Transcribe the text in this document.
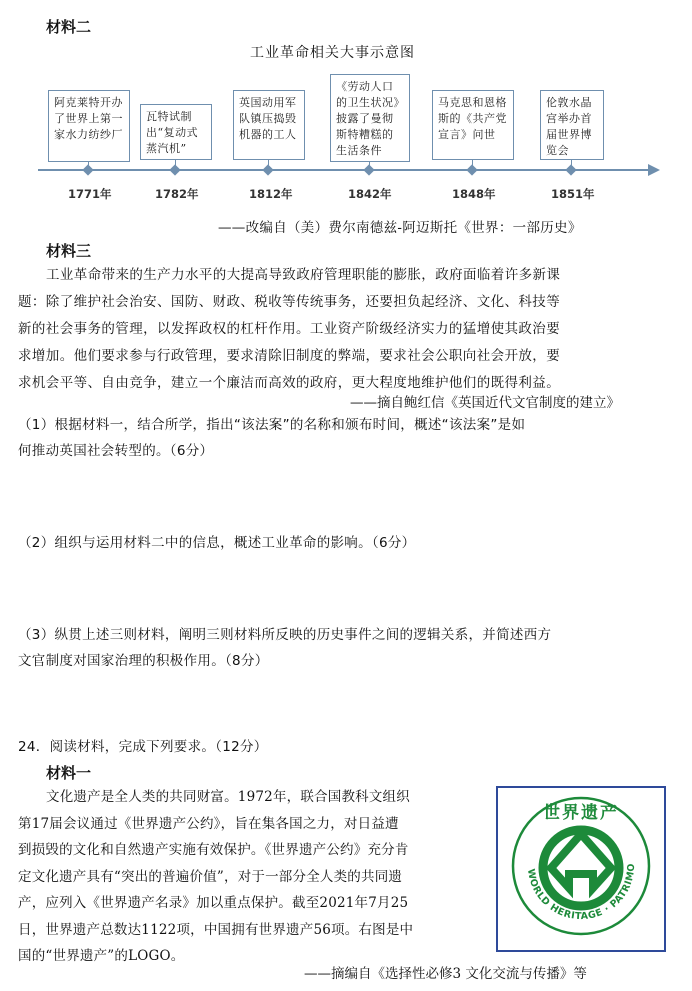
材料二
工业革命相关大事示意图
阿克莱特开办了世界上第一家水力纺纱厂
1771年
瓦特试制出“复动式蒸汽机”
1782年
英国动用军队镇压捣毁机器的工人
1812年
《劳动人口的卫生状况》披露了曼彻斯特糟糕的生活条件
1842年
马克思和恩格斯的《共产党宣言》问世
1848年
伦敦水晶宫举办首届世界博览会
1851年
——改编自（美）费尔南德兹-阿迈斯托《世界：一部历史》
材料三
工业革命带来的生产力水平的大提高导致政府管理职能的膨胀，政府面临着许多新课
题：除了维护社会治安、国防、财政、税收等传统事务，还要担负起经济、文化、科技等
新的社会事务的管理，以发挥政权的杠杆作用。工业资产阶级经济实力的猛增使其政治要
求增加。他们要求参与行政管理，要求清除旧制度的弊端，要求社会公职向社会开放，要
求机会平等、自由竞争，建立一个廉洁而高效的政府，更大程度地维护他们的既得利益。
——摘自鲍红信《英国近代文官制度的建立》
（1）根据材料一，结合所学，指出“该法案”的名称和颁布时间，概述“该法案”是如
何推动英国社会转型的。（6分）
（2）组织与运用材料二中的信息，概述工业革命的影响。（6分）
（3）纵贯上述三则材料，阐明三则材料所反映的历史事件之间的逻辑关系，并简述西方
文官制度对国家治理的积极作用。（8分）
24．阅读材料，完成下列要求。（12分）
材料一
文化遗产是全人类的共同财富。1972年，联合国教科文组织
第17届会议通过《世界遗产公约》，旨在集各国之力，对日益遭
到损毁的文化和自然遗产实施有效保护。《世界遗产公约》充分肯
定文化遗产具有“突出的普遍价值”，对于一部分全人类的共同遗
产，应列入《世界遗产名录》加以重点保护。截至2021年7月25
日，世界遗产总数达1122项，中国拥有世界遗产56项。右图是中
国的“世界遗产”的LOGO。
WORLD HERITAGE · PATRIMO
世界遗产
——摘编自《选择性必修3 文化交流与传播》等
